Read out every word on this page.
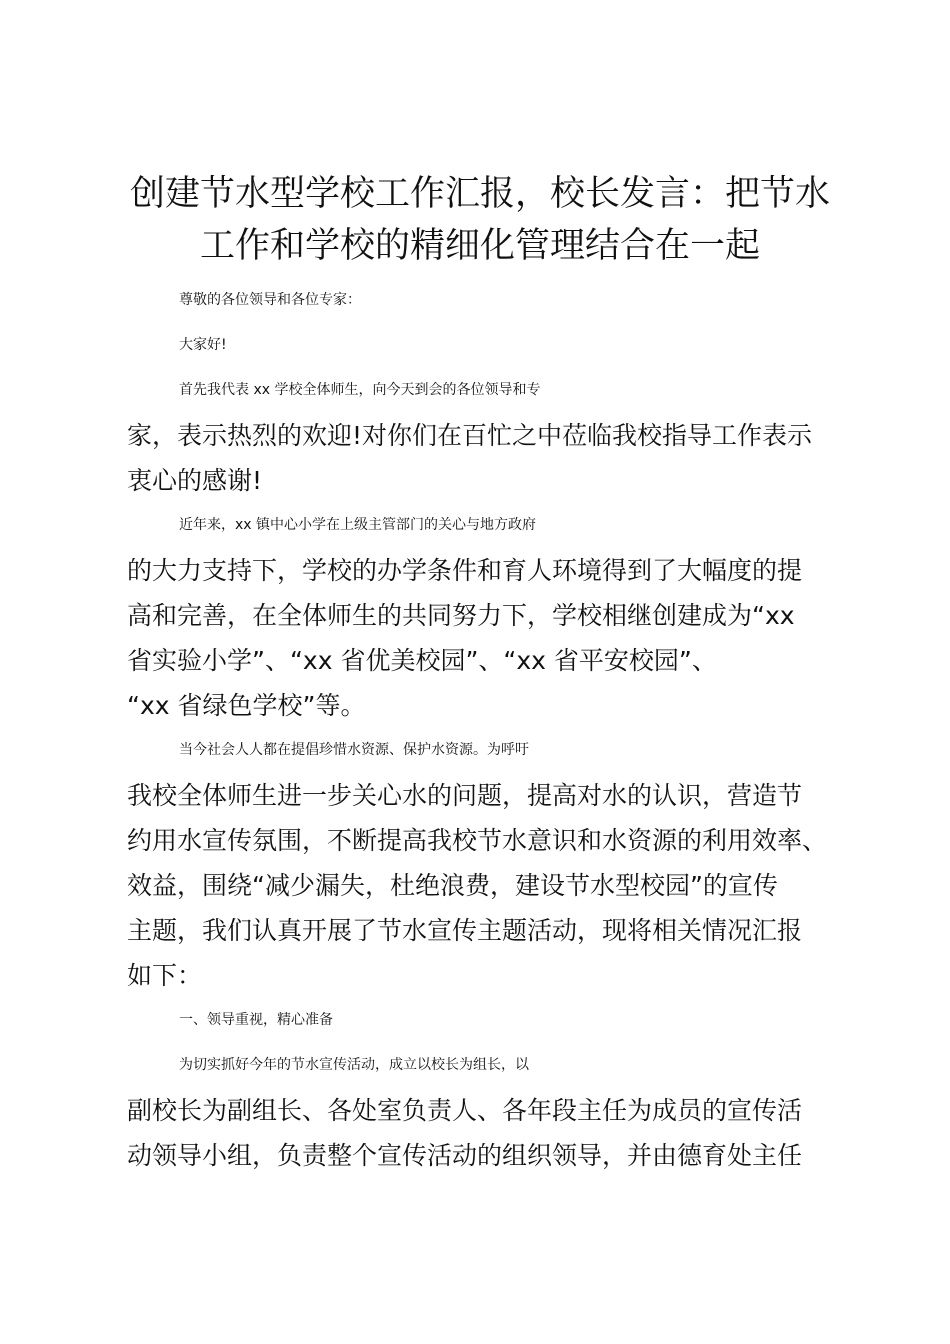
创建节水型学校工作汇报，校长发言：把节水
工作和学校的精细化管理结合在一起
尊敬的各位领导和各位专家：
大家好!
首先我代表 xx 学校全体师生，向今天到会的各位领导和专
家，表示热烈的欢迎!对你们在百忙之中莅临我校指导工作表示
衷心的感谢!
近年来，xx 镇中心小学在上级主管部门的关心与地方政府
的大力支持下，学校的办学条件和育人环境得到了大幅度的提
高和完善，在全体师生的共同努力下，学校相继创建成为“xx
省实验小学”、“xx 省优美校园”、“xx 省平安校园”、
“xx 省绿色学校”等。
当今社会人人都在提倡珍惜水资源、保护水资源。为呼吁
我校全体师生进一步关心水的问题，提高对水的认识，营造节
约用水宣传氛围，不断提高我校节水意识和水资源的利用效率、
效益，围绕“减少漏失，杜绝浪费，建设节水型校园”的宣传
主题，我们认真开展了节水宣传主题活动，现将相关情况汇报
如下：
一、领导重视，精心准备
为切实抓好今年的节水宣传活动，成立以校长为组长，以
副校长为副组长、各处室负责人、各年段主任为成员的宣传活
动领导小组，负责整个宣传活动的组织领导，并由德育处主任
